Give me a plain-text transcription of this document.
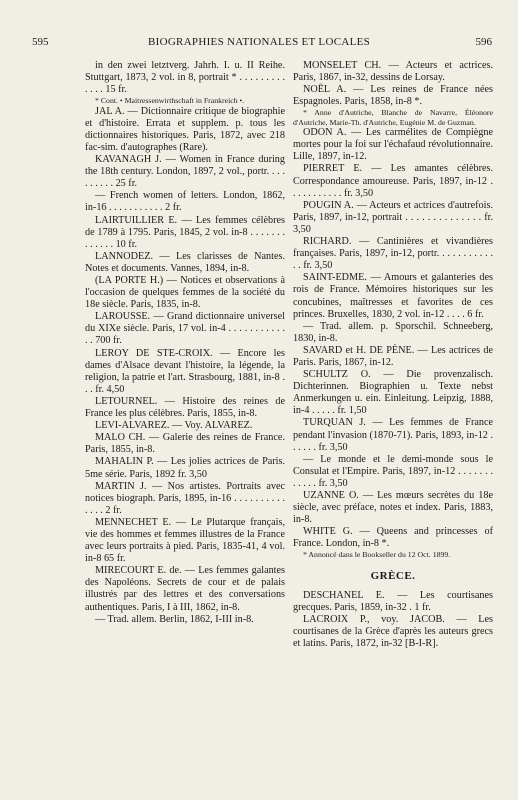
595	BIOGRAPHIES NATIONALES ET LOCALES	596

in den zwei letztverg. Jahrh. I. u. II Reihe. Stuttgart, 1873, 2 vol. in 8, portrait * . . . . . . . . . . . . . 15 fr.

* Cont. • Maitressenwirthschaft in Frankreich •.

JAL A. — Dictionnaire critique de biographie et d'histoire. Errata et supplem. p. tous les dictionnaires historiques. Paris, 1872, avec 218 fac-sim. d'autographes (Rare).

KAVANAGH J. — Women in France during the 18th century. London, 1897, 2 vol., portr. . . . . . . . . . 25 fr.

— French women of letters. London, 1862, in-16 . . . . . . . . . . . 2 fr.

LAIRTUILLIER E. — Les femmes célèbres de 1789 à 1795. Paris, 1845, 2 vol. in-8 . . . . . . . . . . . . . 10 fr.

LANNODEZ. — Les clarisses de Nantes. Notes et documents. Vannes, 1894, in-8.

(LA PORTE H.) — Notices et observations à l'occasion de quelques femmes de la société du 18e siècle. Paris, 1835, in-8.

LAROUSSE. — Grand dictionnaire universel du XIXe siècle. Paris, 17 vol. in-4 . . . . . . . . . . . . . 700 fr.

LEROY DE STE-CROIX. — Encore les dames d'Alsace devant l'histoire, la légende, la religion, la patrie et l'art. Strasbourg, 1881, in-8 . . . fr. 4,50

LETOURNEL. — Histoire des reines de France les plus célèbres. Paris, 1855, in-8.

LEVI-ALVAREZ. — Voy. ALVAREZ.

MALO CH. — Galerie des reines de France. Paris, 1855, in-8.

MAHALIN P. — Les jolies actrices de Paris. 5me série. Paris, 1892 fr. 3,50

MARTIN J. — Nos artistes. Portraits avec notices biograph. Paris, 1895, in-16 . . . . . . . . . . . . . . 2 fr.

MENNECHET E. — Le Plutarque français, vie des hommes et femmes illustres de la France avec leurs portraits à pied. Paris, 1835-41, 4 vol. in-8 65 fr.

MIRECOURT E. de. — Les femmes galantes des Napoléons. Secrets de cour et de palais illustrés par des lettres et des conversations authentiques. Paris, I à III, 1862, in-8.

— Trad. allem. Berlin, 1862, I-III in-8.

MONSELET CH. — Acteurs et actrices. Paris, 1867, in-32, dessins de Lorsay.

NOËL A. — Les reines de France nées Espagnoles. Paris, 1858, in-8 *.

* Anne d'Autriche, Blanche de Navarre, Éléonore d'Autriche, Marie-Th. d'Autriche, Eugénie M. de Guzman.

ODON A. — Les carmélites de Compiègne mortes pour la foi sur l'échafaud révolutionnaire. Lille, 1897, in-12.

PIERRET E. — Les amantes célèbres. Correspondance amoureuse. Paris, 1897, in-12 . . . . . . . . . . . fr. 3,50

POUGIN A. — Acteurs et actrices d'autrefois. Paris, 1897, in-12, portrait . . . . . . . . . . . . . . fr. 3,50

RICHARD. — Cantinières et vivandières françaises. Paris, 1897, in-12, portr. . . . . . . . . . . . . fr. 3,50

SAINT-EDME. — Amours et galanteries des rois de France. Mémoires historiques sur les concubines, maîtresses et favorites de ces princes. Bruxelles, 1830, 2 vol. in-12 . . . . 6 fr.

— Trad. allem. p. Sporschil. Schneeberg, 1830, in-8.

SAVARD et H. DE PÈNE. — Les actrices de Paris. Paris, 1867, in-12.

SCHULTZ O. — Die provenzalisch. Dichterinnen. Biographien u. Texte nebst Anmerkungen u. ein. Einleitung. Leipzig, 1888, in-4 . . . . . fr. 1,50

TURQUAN J. — Les femmes de France pendant l'invasion (1870-71). Paris, 1893, in-12 . . . . . . fr. 3,50

— Le monde et le demi-monde sous le Consulat et l'Empire. Paris, 1897, in-12 . . . . . . . . . . . . fr. 3,50

UZANNE O. — Les mœurs secrètes du 18e siècle, avec préface, notes et index. Paris, 1883, in-8.

WHITE G. — Queens and princesses of France. London, in-8 *.

* Annoncé dans le Bookseller du 12 Oct. 1899.

GRÈCE.

DESCHANEL E. — Les courtisanes grecques. Paris, 1859, in-32 . 1 fr.

LACROIX P., voy. JACOB. — Les courtisanes de la Grèce d'après les auteurs grecs et latins. Paris, 1872, in-32 [B-I-R].
